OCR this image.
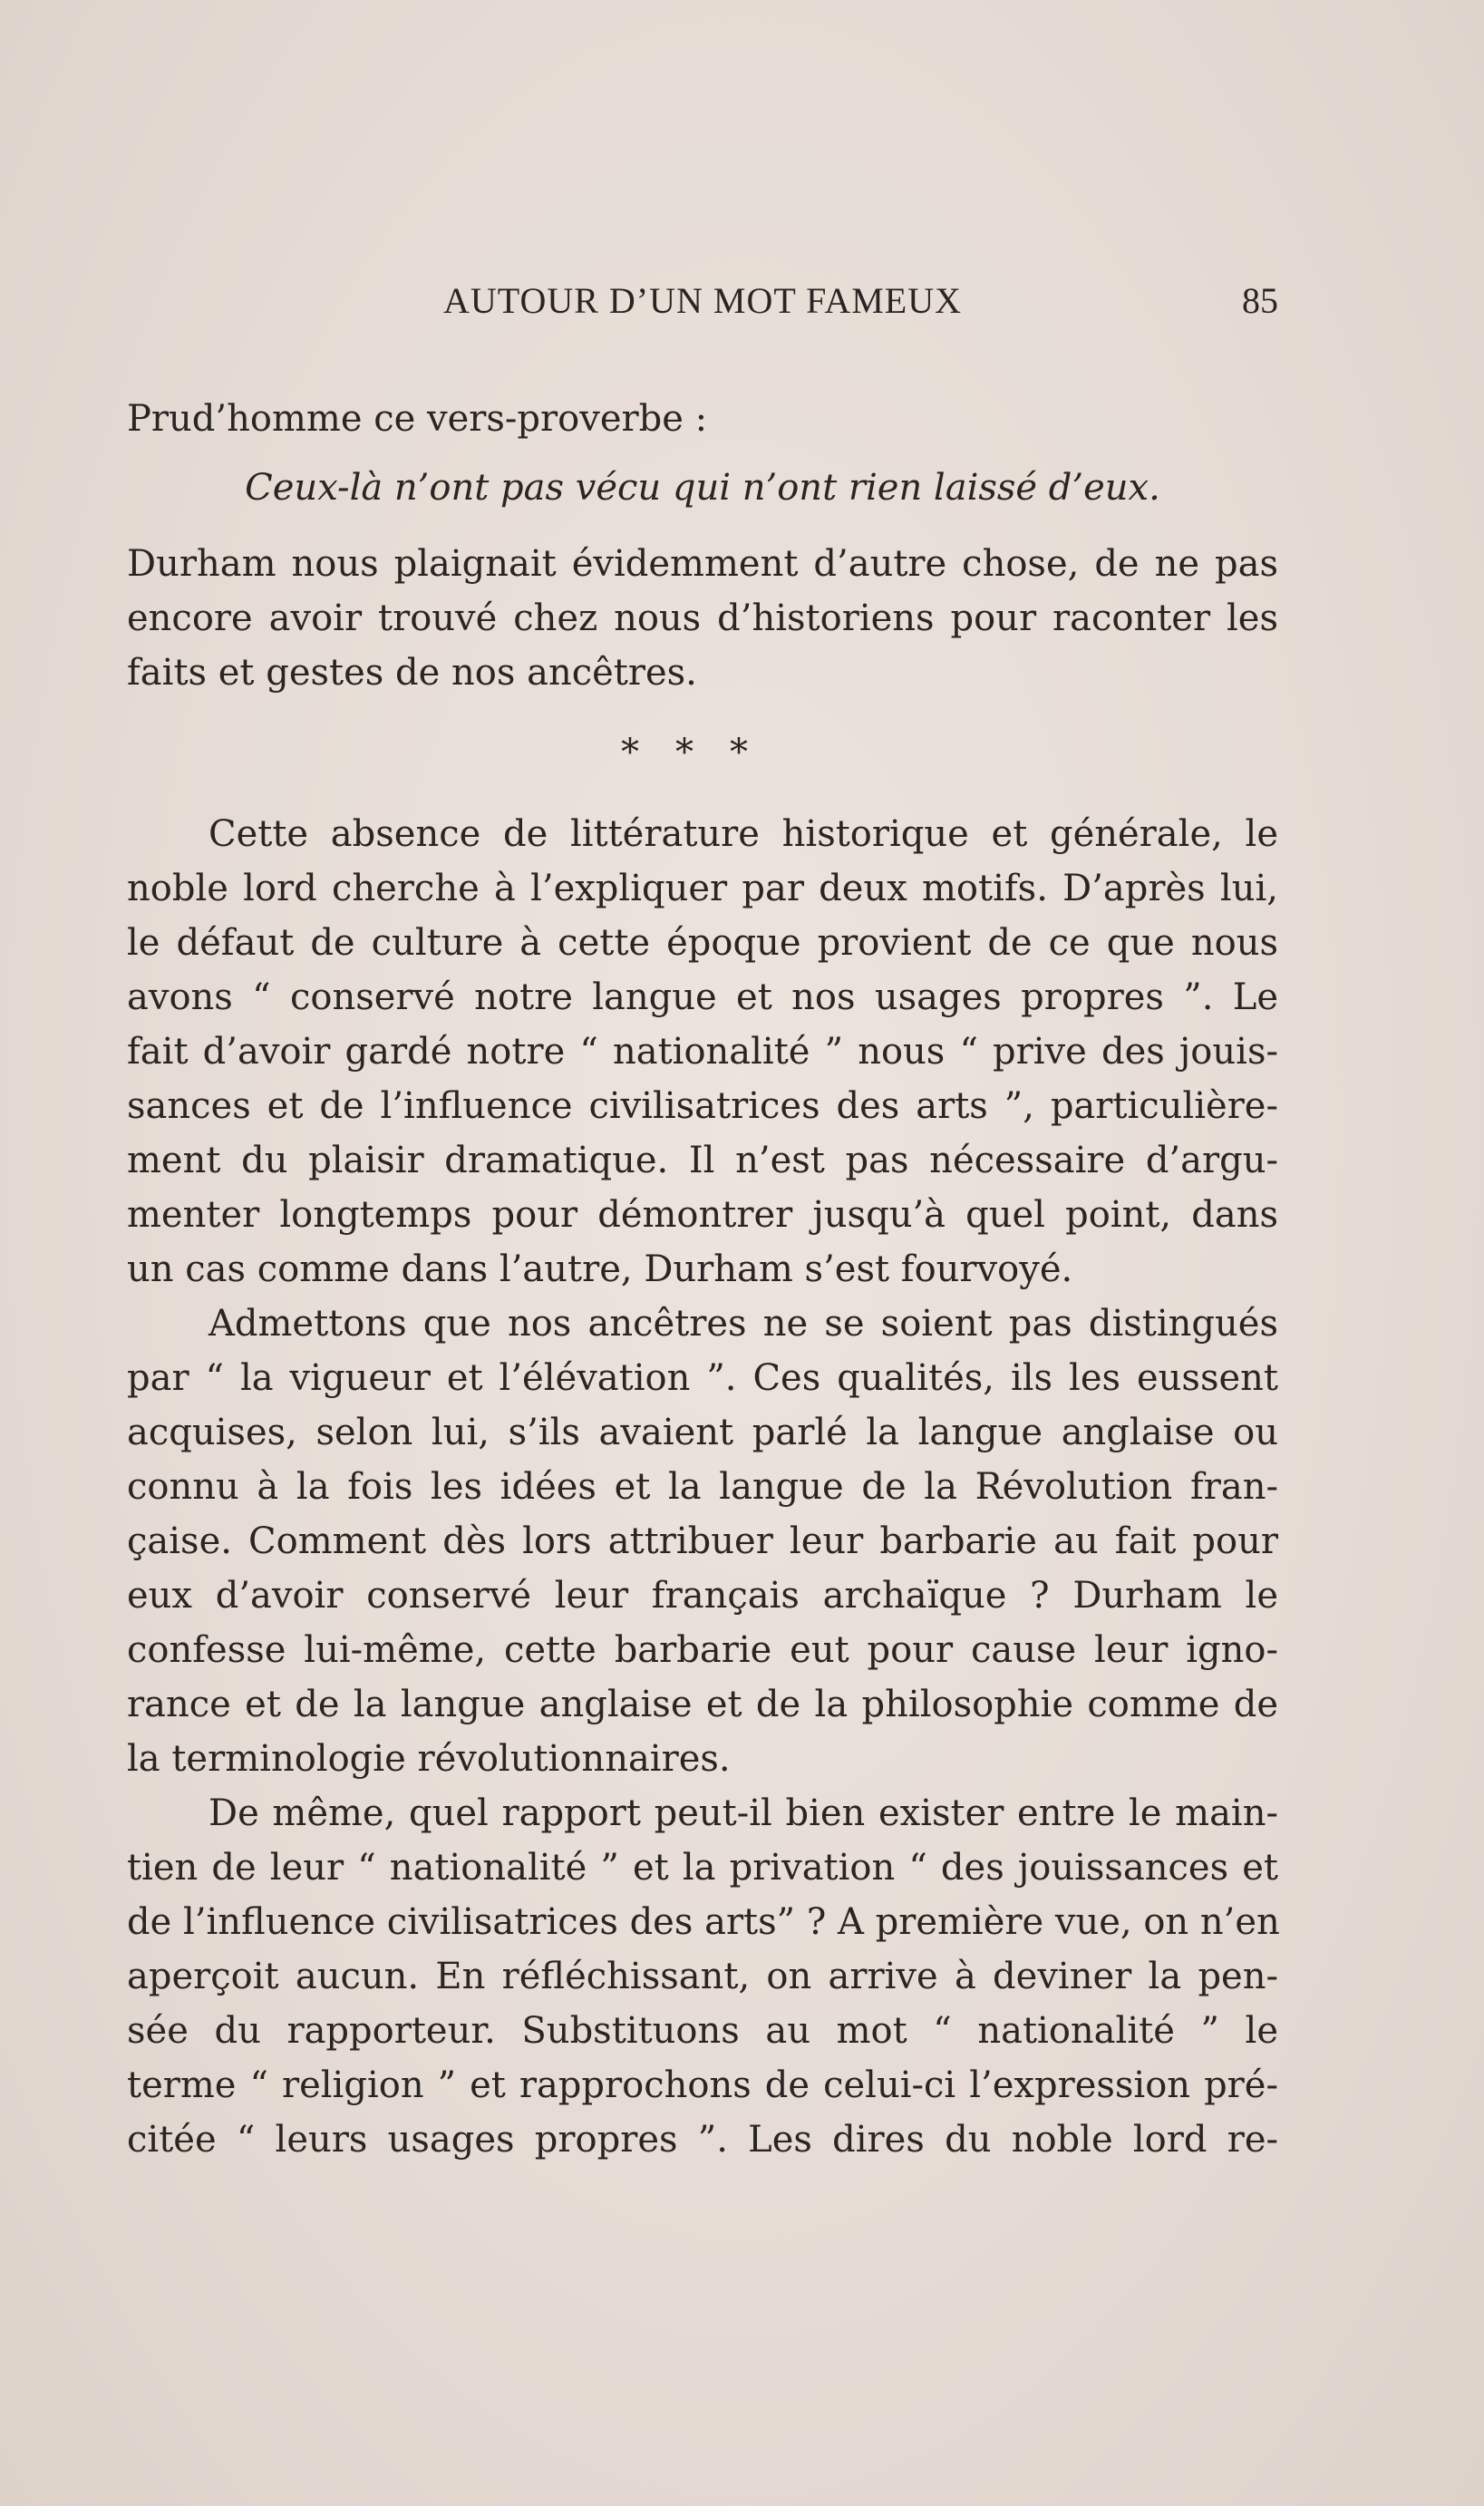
AUTOUR D’UN MOT FAMEUX	85
Prud’homme ce vers-proverbe :
Ceux-là n’ont pas vécu qui n’ont rien laissé d’eux.
Durham nous plaignait évidemment d’autre chose, de ne pas
encore avoir trouvé chez nous d’historiens pour raconter les
faits et gestes de nos ancêtres.
***
Cette absence de littérature historique et générale, le
noble lord cherche à l’expliquer par deux motifs. D’après lui,
le défaut de culture à cette époque provient de ce que nous
avons “ conservé notre langue et nos usages propres ”. Le
fait d’avoir gardé notre “ nationalité ” nous “ prive des jouis-
sances et de l’influence civilisatrices des arts ”, particulière-
ment du plaisir dramatique. Il n’est pas nécessaire d’argu-
menter longtemps pour démontrer jusqu’à quel point, dans
un cas comme dans l’autre, Durham s’est fourvoyé.
Admettons que nos ancêtres ne se soient pas distingués
par “ la vigueur et l’élévation ”. Ces qualités, ils les eussent
acquises, selon lui, s’ils avaient parlé la langue anglaise ou
connu à la fois les idées et la langue de la Révolution fran-
çaise. Comment dès lors attribuer leur barbarie au fait pour
eux d’avoir conservé leur français archaïque ? Durham le
confesse lui-même, cette barbarie eut pour cause leur igno-
rance et de la langue anglaise et de la philosophie comme de
la terminologie révolutionnaires.
De même, quel rapport peut-il bien exister entre le main-
tien de leur “ nationalité ” et la privation “ des jouissances et
de l’influence civilisatrices des arts” ? A première vue, on n’en
aperçoit aucun. En réfléchissant, on arrive à deviner la pen-
sée du rapporteur. Substituons au mot “ nationalité ” le
terme “ religion ” et rapprochons de celui-ci l’expression pré-
citée “ leurs usages propres ”. Les dires du noble lord re-
